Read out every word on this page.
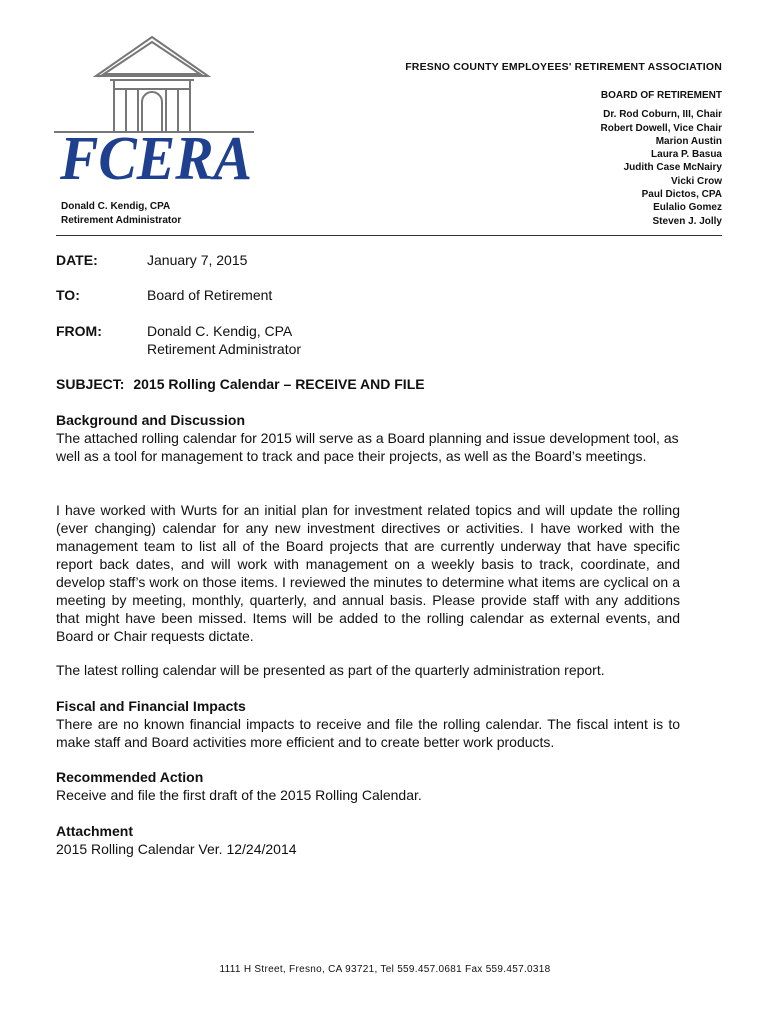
FCERA
FRESNO COUNTY EMPLOYEES' RETIREMENT ASSOCIATION
BOARD OF RETIREMENT
Dr. Rod Coburn, III, Chair
Robert Dowell, Vice Chair
Marion Austin
Laura P. Basua
Judith Case McNairy
Vicki Crow
Paul Dictos, CPA
Eulalio Gomez
Steven J. Jolly
Donald C. Kendig, CPA
Retirement Administrator
DATE:	January 7, 2015
TO:	Board of Retirement
FROM:	Donald C. Kendig, CPA
Retirement Administrator
SUBJECT: 2015 Rolling Calendar – RECEIVE AND FILE
Background and Discussion

The attached rolling calendar for 2015 will serve as a Board planning and issue development tool, as well as a tool for management to track and pace their projects, as well as the Board’s meetings.

I have worked with Wurts for an initial plan for investment related topics and will update the rolling (ever changing) calendar for any new investment directives or activities. I have worked with the management team to list all of the Board projects that are currently underway that have specific report back dates, and will work with management on a weekly basis to track, coordinate, and develop staff’s work on those items. I reviewed the minutes to determine what items are cyclical on a meeting by meeting, monthly, quarterly, and annual basis. Please provide staff with any additions that might have been missed. Items will be added to the rolling calendar as external events, and Board or Chair requests dictate.

The latest rolling calendar will be presented as part of the quarterly administration report.

Fiscal and Financial Impacts

There are no known financial impacts to receive and file the rolling calendar. The fiscal intent is to make staff and Board activities more efficient and to create better work products.

Recommended Action

Receive and file the first draft of the 2015 Rolling Calendar.

Attachment

2015 Rolling Calendar Ver. 12/24/2014

1111 H Street, Fresno, CA 93721, Tel 559.457.0681 Fax 559.457.0318
